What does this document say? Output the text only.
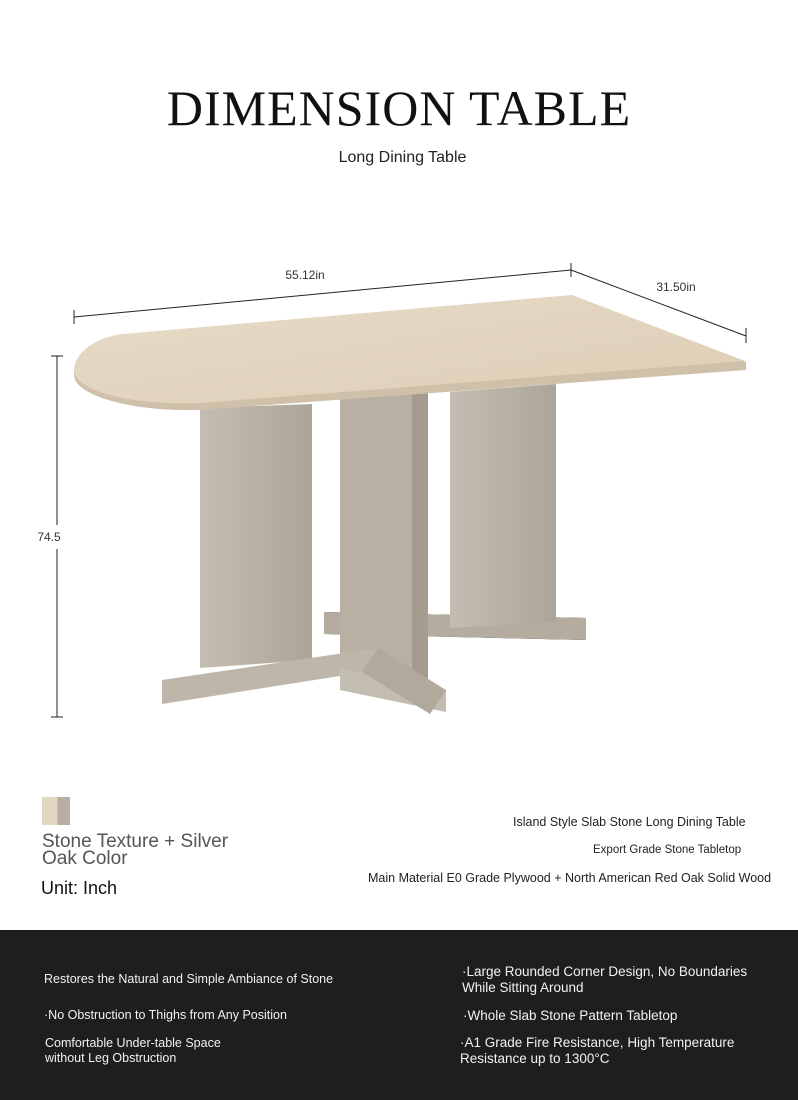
DIMENSION TABLE
Long Dining Table
55.12in
31.50in
74.5
Stone Texture + Silver
Oak Color
Unit: Inch
Island Style Slab Stone Long Dining Table
Export Grade Stone Tabletop
Main Material E0 Grade Plywood + North American Red Oak Solid Wood
Restores the Natural and Simple Ambiance of Stone
·No Obstruction to Thighs from Any Position
Comfortable Under-table Space
without Leg Obstruction
·Large Rounded Corner Design, No Boundaries
While Sitting Around
·Whole Slab Stone Pattern Tabletop
·A1 Grade Fire Resistance, High Temperature
Resistance up to 1300°C
